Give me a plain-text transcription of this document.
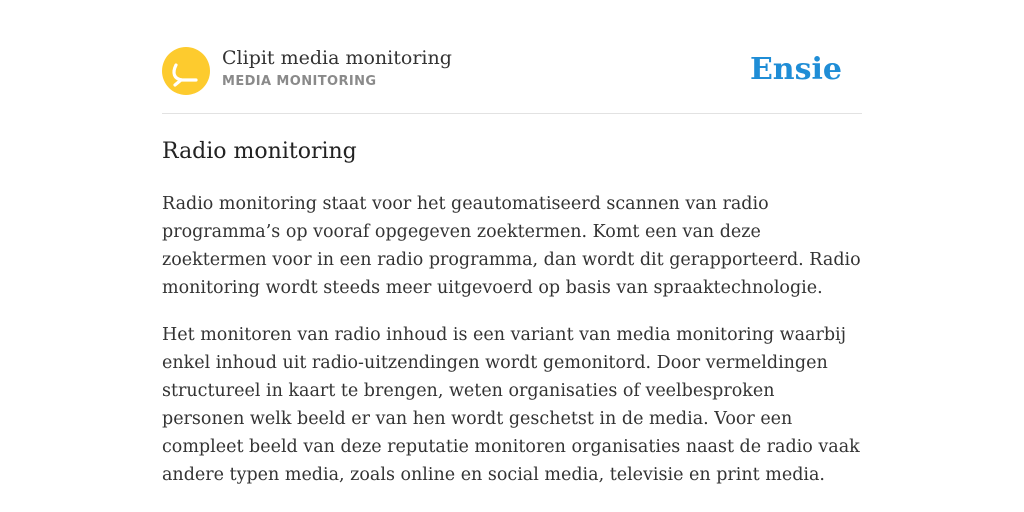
Clipit media monitoring
MEDIA MONITORING	Ensie
Radio monitoring

Radio monitoring staat voor het geautomatiseerd scannen van radio programma’s op vooraf opgegeven zoektermen. Komt een van deze zoektermen voor in een radio programma, dan wordt dit gerapporteerd. Radio monitoring wordt steeds meer uitgevoerd op basis van spraaktechnologie.

Het monitoren van radio inhoud is een variant van media monitoring waarbij enkel inhoud uit radio-uitzendingen wordt gemonitord. Door vermeldingen structureel in kaart te brengen, weten organisaties of veelbesproken personen welk beeld er van hen wordt geschetst in de media. Voor een compleet beeld van deze reputatie monitoren organisaties naast de radio vaak andere typen media, zoals online en social media, televisie en print media.
